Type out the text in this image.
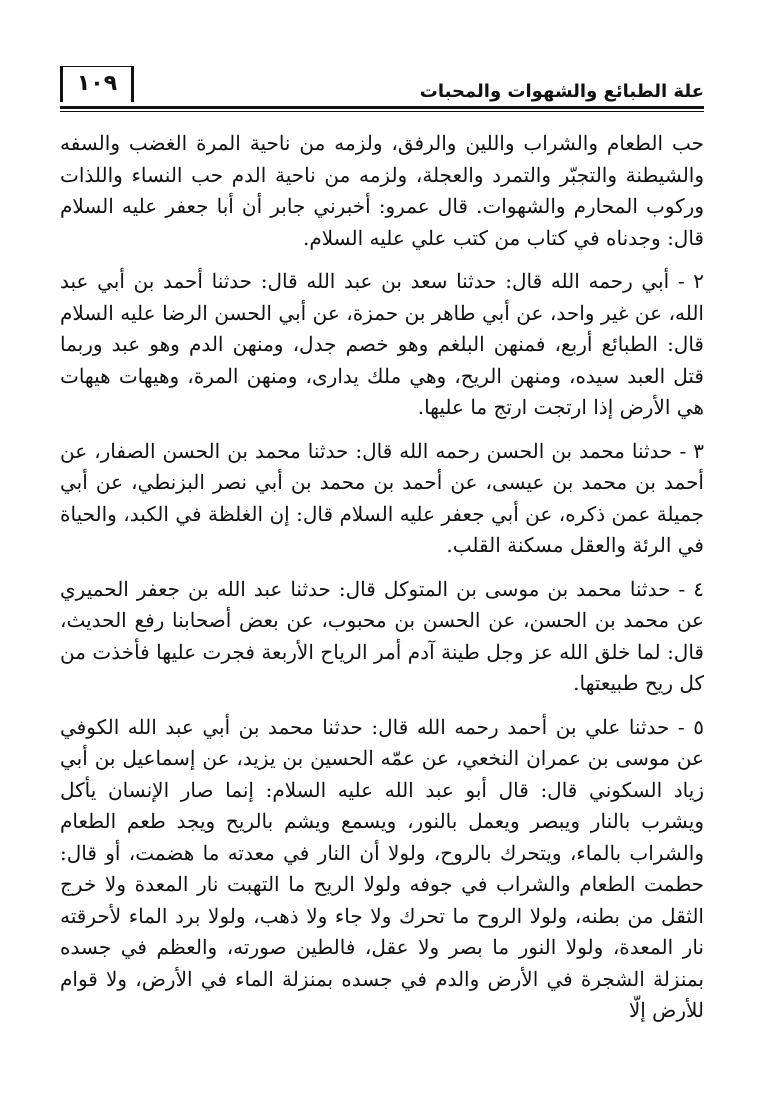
علة الطبائع والشهوات والمحبات
١٠٩

حب الطعام والشراب واللين والرفق، ولزمه من ناحية المرة الغضب والسفه والشيطنة والتجبّر والتمرد والعجلة، ولزمه من ناحية الدم حب النساء واللذات وركوب المحارم والشهوات. قال عمرو: أخبرني جابر أن أبا جعفر عليه السلام قال: وجدناه في كتاب من كتب علي عليه السلام.

٢ - أبي رحمه الله قال: حدثنا سعد بن عبد الله قال: حدثنا أحمد بن أبي عبد الله، عن غير واحد، عن أبي طاهر بن حمزة، عن أبي الحسن الرضا عليه السلام قال: الطبائع أربع، فمنهن البلغم وهو خصم جدل، ومنهن الدم وهو عبد وربما قتل العبد سيده، ومنهن الريح، وهي ملك يدارى، ومنهن المرة، وهيهات هيهات هي الأرض إذا ارتجت ارتج ما عليها.

٣ - حدثنا محمد بن الحسن رحمه الله قال: حدثنا محمد بن الحسن الصفار، عن أحمد بن محمد بن عيسى، عن أحمد بن محمد بن أبي نصر البزنطي، عن أبي جميلة عمن ذكره، عن أبي جعفر عليه السلام قال: إن الغلظة في الكبد، والحياة في الرئة والعقل مسكنة القلب.

٤ - حدثنا محمد بن موسى بن المتوكل قال: حدثنا عبد الله بن جعفر الحميري عن محمد بن الحسن، عن الحسن بن محبوب، عن بعض أصحابنا رفع الحديث، قال: لما خلق الله عز وجل طينة آدم أمر الرياح الأربعة فجرت عليها فأخذت من كل ريح طبيعتها.

٥ - حدثنا علي بن أحمد رحمه الله قال: حدثنا محمد بن أبي عبد الله الكوفي عن موسى بن عمران النخعي، عن عمّه الحسين بن يزيد، عن إسماعيل بن أبي زياد السكوني قال: قال أبو عبد الله عليه السلام: إنما صار الإنسان يأكل ويشرب بالنار ويبصر ويعمل بالنور، ويسمع ويشم بالريح ويجد طعم الطعام والشراب بالماء، ويتحرك بالروح، ولولا أن النار في معدته ما هضمت، أو قال: حطمت الطعام والشراب في جوفه ولولا الريح ما التهبت نار المعدة ولا خرج الثقل من بطنه، ولولا الروح ما تحرك ولا جاء ولا ذهب، ولولا برد الماء لأحرقته نار المعدة، ولولا النور ما بصر ولا عقل، فالطين صورته، والعظم في جسده بمنزلة الشجرة في الأرض والدم في جسده بمنزلة الماء في الأرض، ولا قوام للأرض إلّا
